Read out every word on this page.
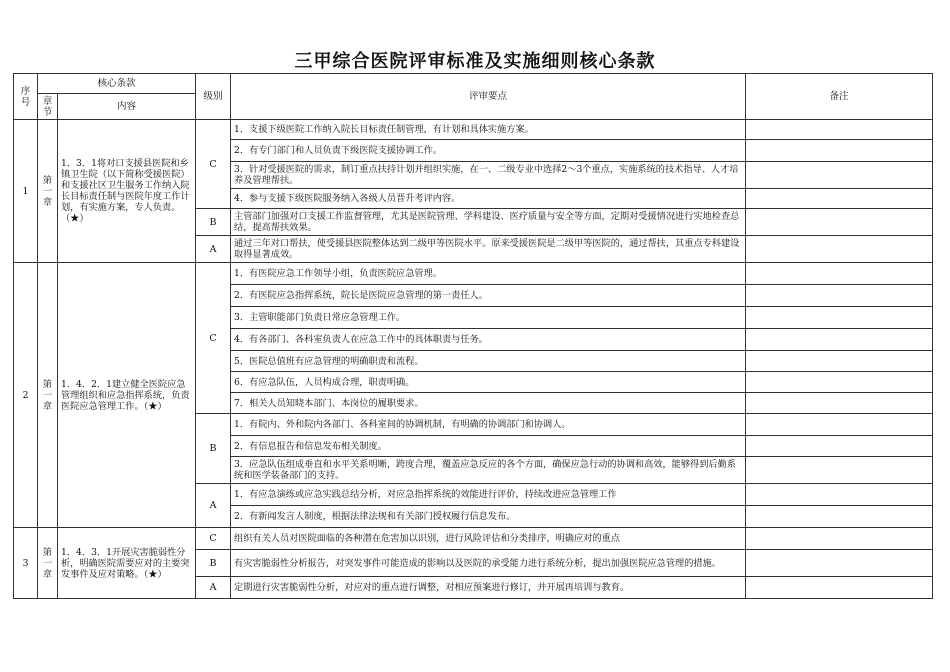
三甲综合医院评审标准及实施细则核心条款
序号	核心条款		级别	评审要点	备注
	章节	内容			
1	第一章	1．3．1将对口支援县医院和乡镇卫生院（以下简称受援医院）和支援社区卫生服务工作纳入院长目标责任制与医院年度工作计划，有实施方案，专人负责。（★）	C	1．支援下级医院工作纳入院长目标责任制管理，有计划和具体实施方案。	
				2．有专门部门和人员负责下级医院支援协调工作。	
				3．针对受援医院的需求，制订重点扶持计划并组织实施，在一、二级专业中选择2～3个重点，实施系统的技术指导、人才培养及管理帮扶。	
				4．参与支援下级医院服务纳入各级人员晋升考评内容。	
			B	主管部门加强对口支援工作监督管理，尤其是医院管理、学科建设、医疗质量与安全等方面，定期对受援情况进行实地检查总结，提高帮扶效果。	
			A	通过三年对口帮扶，使受援县医院整体达到二级甲等医院水平。原来受援医院是二级甲等医院的，通过帮扶，其重点专科建设取得显著成效。	
2	第一章	1．4．2．1建立健全医院应急管理组织和应急指挥系统，负责医院应急管理工作。（★）	C	1．有医院应急工作领导小组，负责医院应急管理。	
				2．有医院应急指挥系统，院长是医院应急管理的第一责任人。	
				3．主管职能部门负责日常应急管理工作。	
				4．有各部门、各科室负责人在应急工作中的具体职责与任务。	
				5．医院总值班有应急管理的明确职责和流程。	
				6．有应急队伍，人员构成合理，职责明确。	
				7．相关人员知晓本部门、本岗位的履职要求。	
			B	1．有院内、外和院内各部门、各科室间的协调机制，有明确的协调部门和协调人。	
				2．有信息报告和信息发布相关制度。	
				3．应急队伍组成垂直和水平关系明晰，跨度合理，覆盖应急反应的各个方面，确保应急行动的协调和高效，能够得到后勤系统和医学装备部门的支持。	
			A	1．有应急演练或应急实践总结分析，对应急指挥系统的效能进行评价，持续改进应急管理工作	
				2．有新闻发言人制度，根据法律法规和有关部门授权履行信息发布。	
3	第一章	1．4．3．1开展灾害脆弱性分析，明确医院需要应对的主要突发事件及应对策略。（★）	C	组织有关人员对医院面临的各种潜在危害加以识别，进行风险评估和分类排序，明确应对的重点	
			B	有灾害脆弱性分析报告，对突发事件可能造成的影响以及医院的承受能力进行系统分析，提出加强医院应急管理的措施。	
			A	定期进行灾害脆弱性分析，对应对的重点进行调整，对相应预案进行修订，并开展再培训与教育。	
